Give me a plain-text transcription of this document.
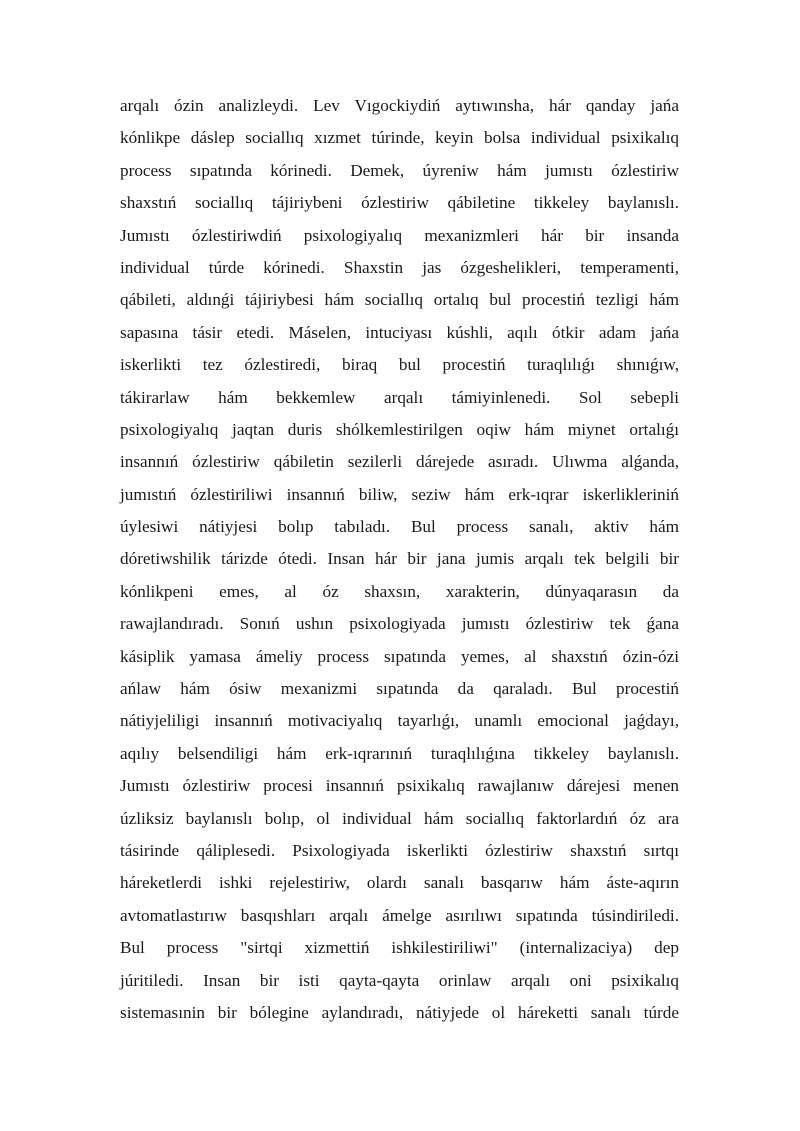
arqalı ózin analizleydi. Lev Vıgockiydiń aytıwınsha, hár qanday jańa
kónlikpe dáslep sociallıq xızmet túrinde, keyin bolsa individual psixikalıq
process sıpatında kórinedi. Demek, úyreniw hám jumıstı ózlestiriw
shaxstıń sociallıq tájiriybeni ózlestiriw qábiletine tikkeley baylanıslı.
Jumıstı ózlestiriwdiń psixologiyalıq mexanizmleri hár bir insanda
individual túrde kórinedi. Shaxstin jas ózgeshelikleri, temperamenti,
qábileti, aldınǵi tájiriybesi hám sociallıq ortalıq bul procestiń tezligi hám
sapasına tásir etedi. Máselen, intuciyası kúshli, aqılı ótkir adam jańa
iskerlikti tez ózlestiredi, biraq bul procestiń turaqlılıǵı shınıǵıw,
tákirarlaw hám bekkemlew arqalı támiyinlenedi. Sol sebepli
psixologiyalıq jaqtan duris shólkemlestirilgen oqiw hám miynet ortalıǵı
insannıń ózlestiriw qábiletin sezilerli dárejede asıradı. Ulıwma alǵanda,
jumıstıń ózlestiriliwi insannıń biliw, seziw hám erk-ıqrar iskerlikleriniń
úylesiwi nátiyjesi bolıp tabıladı. Bul process sanalı, aktiv hám
dóretiwshilik tárizde ótedi. Insan hár bir jana jumis arqalı tek belgili bir
kónlikpeni emes, al óz shaxsın, xarakterin, dúnyaqarasın da
rawajlandıradı. Sonıń ushın psixologiyada jumıstı ózlestiriw tek ǵana
kásiplik yamasa ámeliy process sıpatında yemes, al shaxstıń ózin-ózi
ańlaw hám ósiw mexanizmi sıpatında da qaraladı. Bul procestiń
nátiyjeliligi insannıń motivaciyalıq tayarlıǵı, unamlı emocional jaǵdayı,
aqılıy belsendiligi hám erk-ıqrarınıń turaqlılıǵına tikkeley baylanıslı.
Jumıstı ózlestiriw procesi insannıń psixikalıq rawajlanıw dárejesi menen
úzliksiz baylanıslı bolıp, ol individual hám sociallıq faktorlardıń óz ara
tásirinde qáliplesedi. Psixologiyada iskerlikti ózlestiriw shaxstıń sırtqı
háreketlerdi ishki rejelestiriw, olardı sanalı basqarıw hám áste-aqırın
avtomatlastırıw basqıshları arqalı ámelge asırılıwı sıpatında túsindiriledi.
Bul process "sirtqi xizmettiń ishkilestiriliwi" (internalizaciya) dep
júritiledi. Insan bir isti qayta-qayta orinlaw arqalı oni psixikalıq
sistemasınin bir bólegine aylandıradı, nátiyjede ol háreketti sanalı túrde
